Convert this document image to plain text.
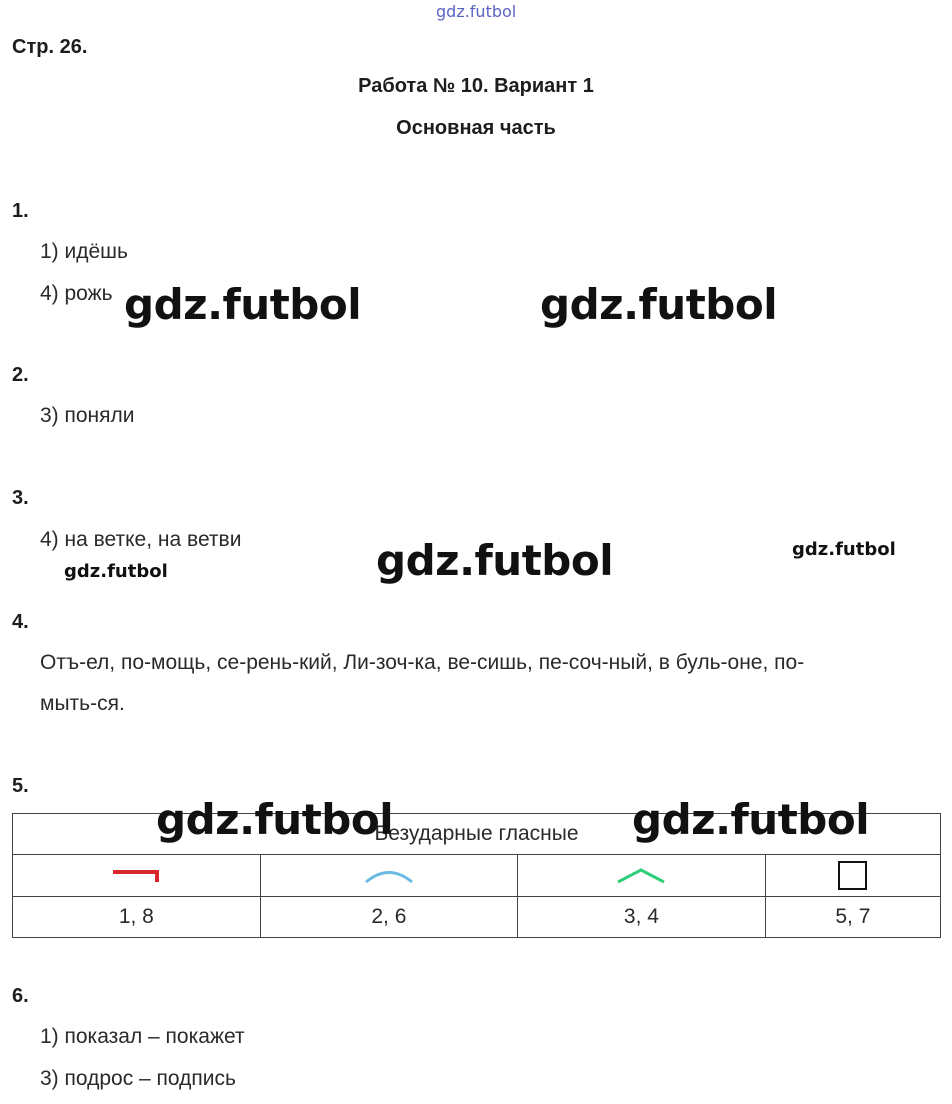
gdz.futbol
Стр. 26.
Работа № 10. Вариант 1
Основная часть
1.
1) идёшь
4) рожь
2.
3) поняли
3.
4) на ветке, на ветви
4.
Отъ-ел, по-мощь, се-рень-кий, Ли-зоч-ка, ве-сишь, пе-соч-ный, в буль-оне, по-
мыть-ся.
5.
Безударные гласные			

1, 8	2, 6	3, 4	5, 7
6.
1) показал – покажет
3) подрос – подпись
gdz.futbol	gdz.futbol
gdz.futbol	gdz.futbol
gdz.futbol
gdz.futbol	gdz.futbol
